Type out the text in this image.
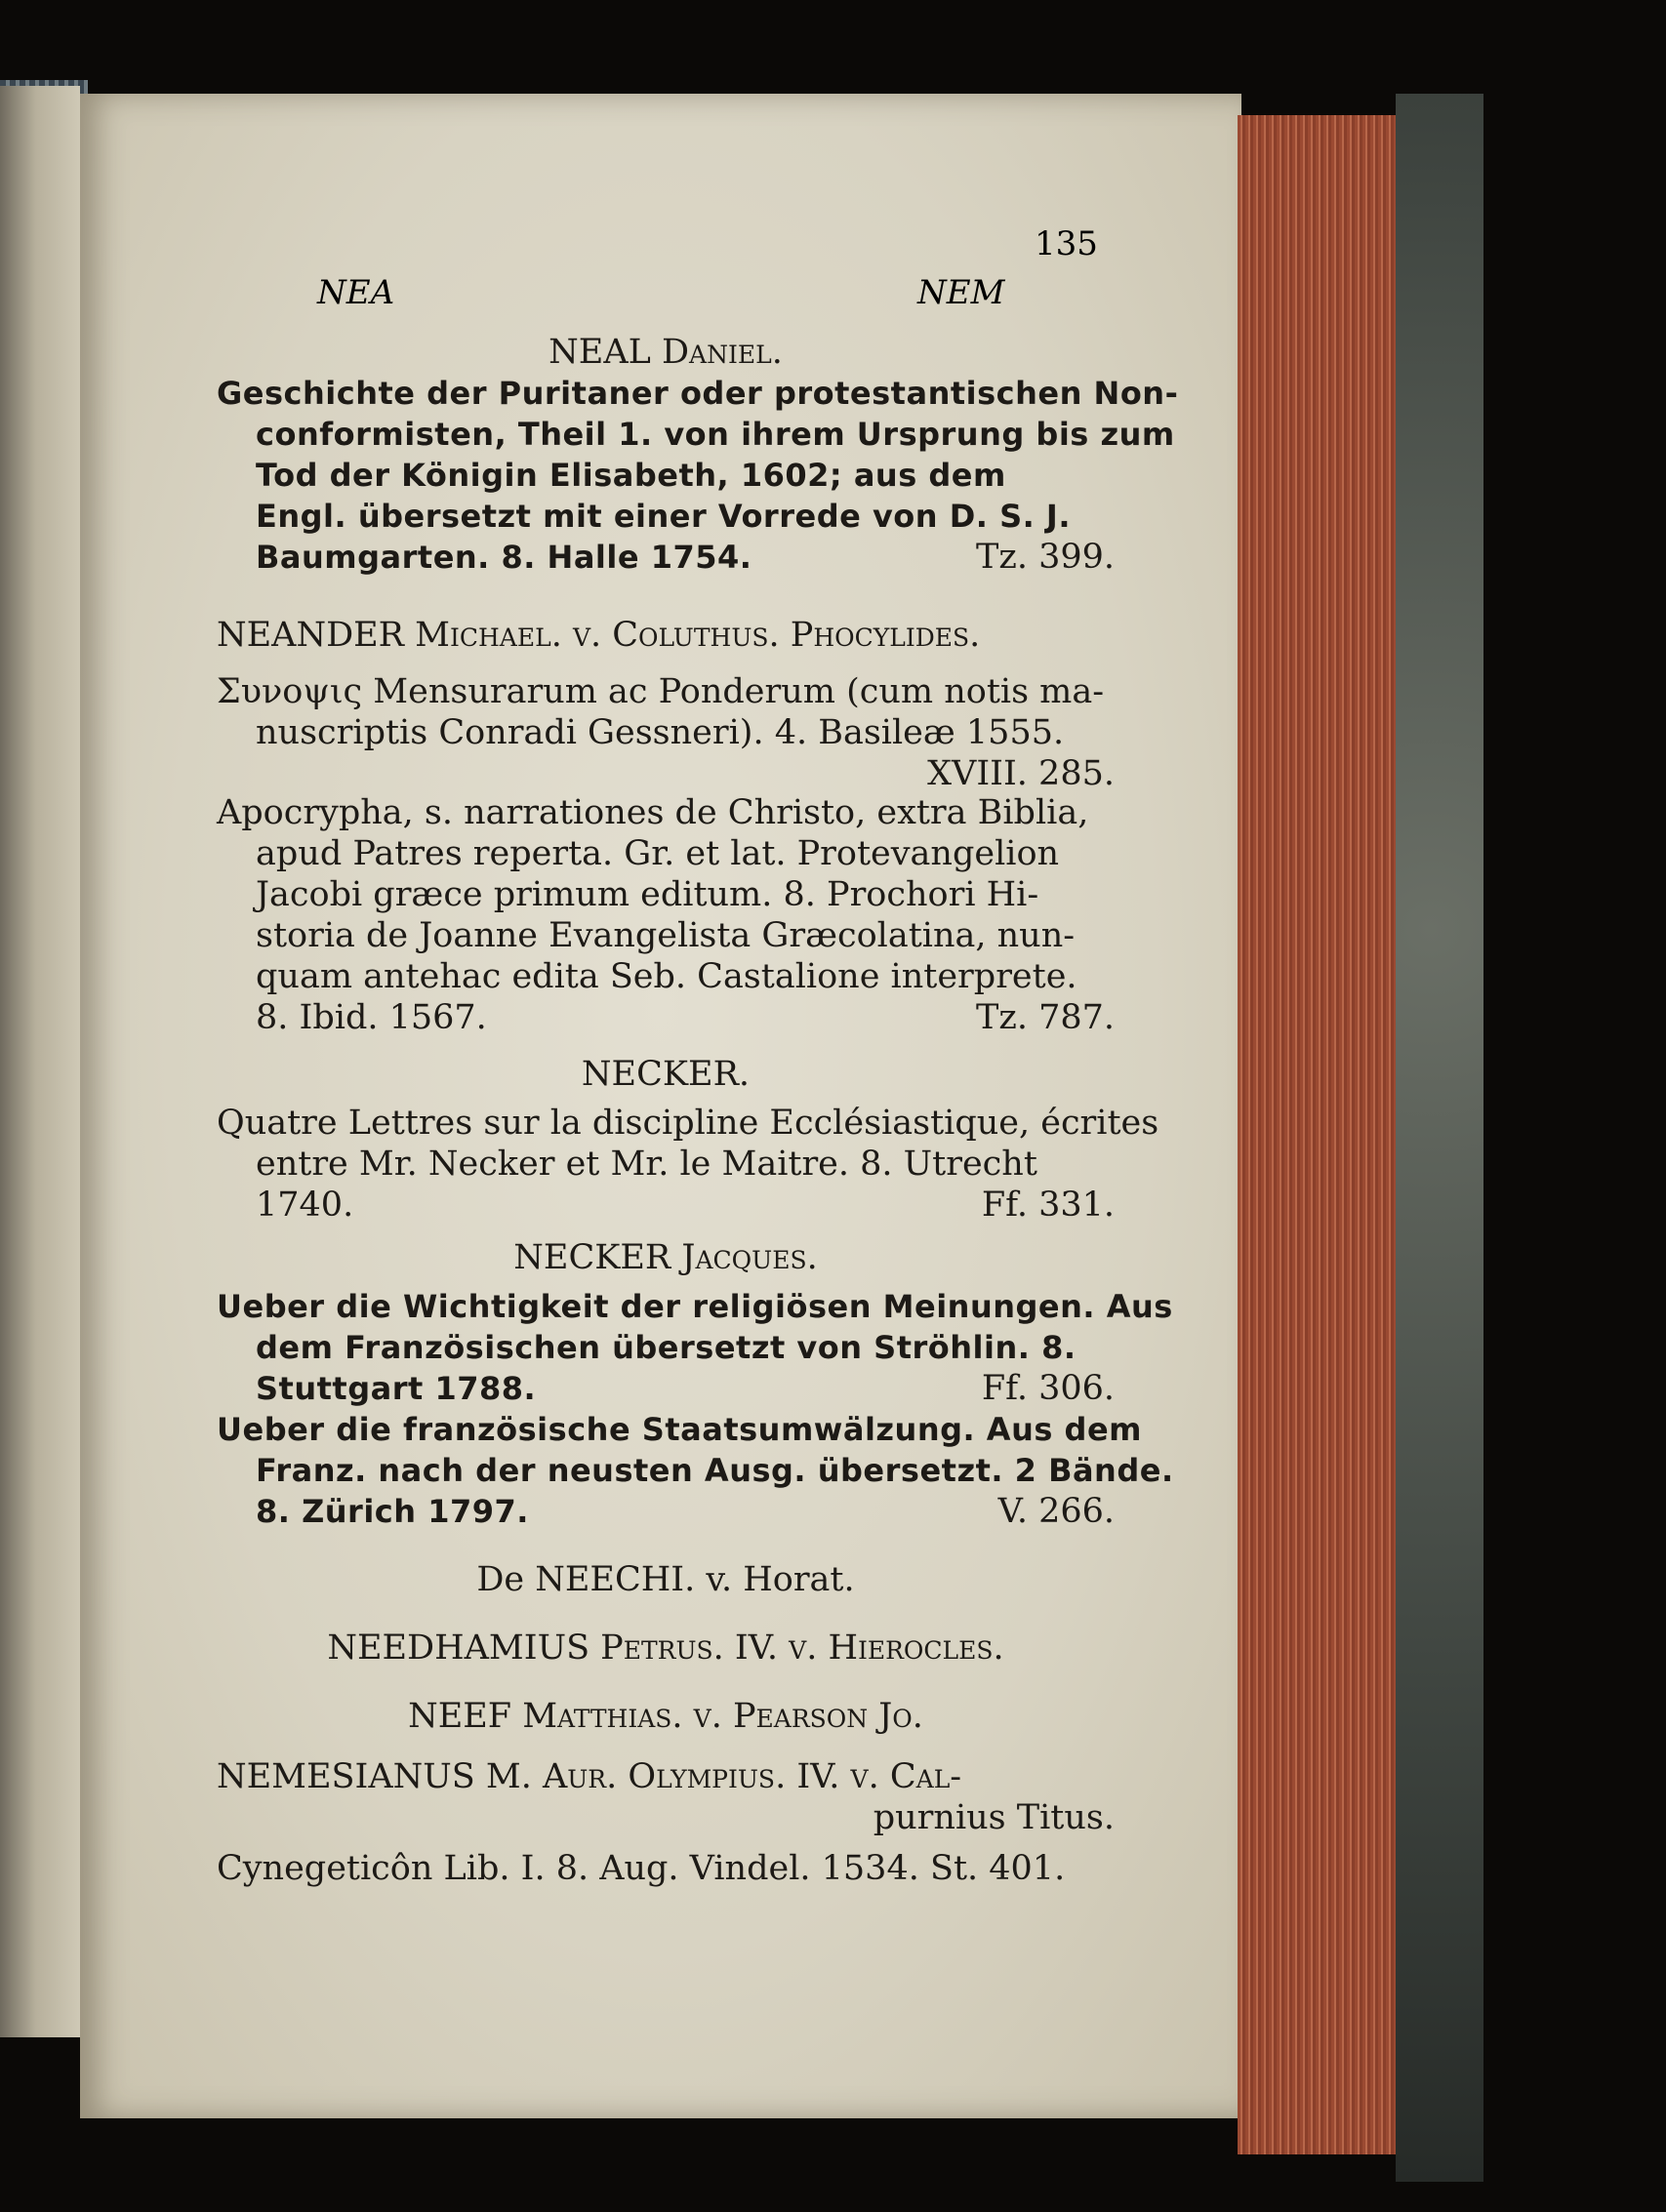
135
NEA	NEM
NEAL Daniel.
Geschichte der Puritaner oder protestantischen Non-
conformisten, Theil 1. von ihrem Ursprung bis zum
Tod der Königin Elisabeth, 1602; aus dem
Engl. übersetzt mit einer Vorrede von D. S. J.
Baumgarten. 8. Halle 1754.	Tz. 399.
NEANDER Michael. v. Coluthus. Phocylides.
Συνοψις Mensurarum ac Ponderum (cum notis ma-
nuscriptis Conradi Gessneri). 4. Basileæ 1555.
XVIII. 285.
Apocrypha, s. narrationes de Christo, extra Biblia,
apud Patres reperta. Gr. et lat. Protevangelion
Jacobi græce primum editum. 8. Prochori Hi-
storia de Joanne Evangelista Græcolatina, nun-
quam antehac edita Seb. Castalione interprete.
8. Ibid. 1567.	Tz. 787.
NECKER.
Quatre Lettres sur la discipline Ecclésiastique, écrites
entre Mr. Necker et Mr. le Maitre. 8. Utrecht
1740.	Ff. 331.
NECKER Jacques.
Ueber die Wichtigkeit der religiösen Meinungen. Aus
dem Französischen übersetzt von Ströhlin. 8.
Stuttgart 1788.	Ff. 306.
Ueber die französische Staatsumwälzung. Aus dem
Franz. nach der neusten Ausg. übersetzt. 2 Bände.
8. Zürich 1797.	V. 266.
De NEECHI. v. Horat.
NEEDHAMIUS Petrus. IV. v. Hierocles.
NEEF Matthias. v. Pearson Jo.
NEMESIANUS M. Aur. Olympius. IV. v. Cal-
purnius Titus.
Cynegeticôn Lib. I. 8. Aug. Vindel. 1534. St. 401.
